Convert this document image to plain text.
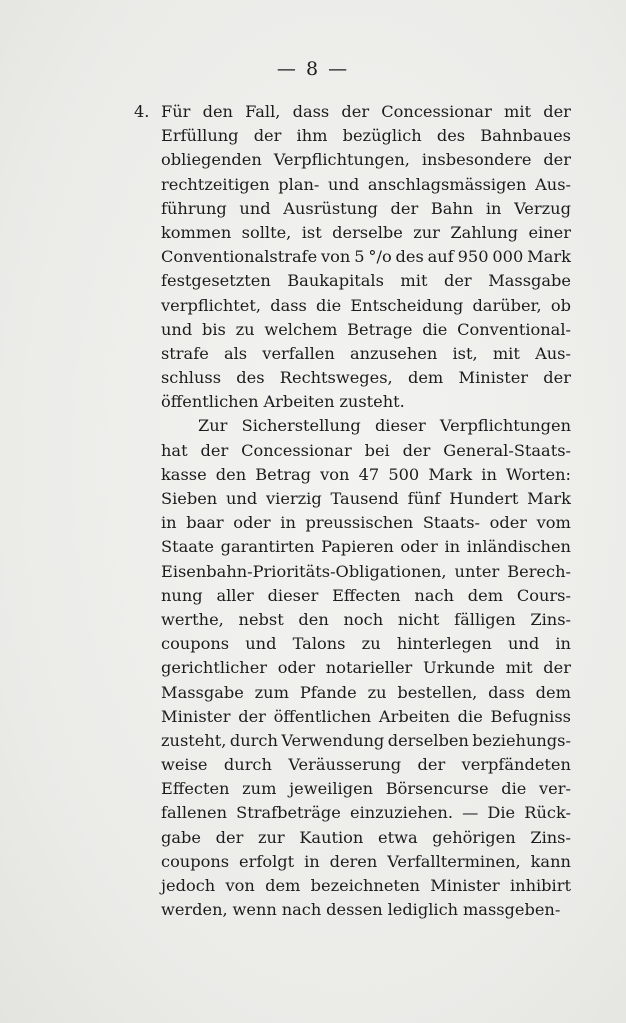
— 8 —
4. Für den Fall, dass der Concessionar mit der
Erfüllung der ihm bezüglich des Bahnbaues
obliegenden Verpflichtungen, insbesondere der
rechtzeitigen plan- und anschlagsmässigen Aus-
führung und Ausrüstung der Bahn in Verzug
kommen sollte, ist derselbe zur Zahlung einer
Conventionalstrafe von 5 °/o des auf 950 000 Mark
festgesetzten Baukapitals mit der Massgabe
verpflichtet, dass die Entscheidung darüber, ob
und bis zu welchem Betrage die Conventional-
strafe als verfallen anzusehen ist, mit Aus-
schluss des Rechtsweges, dem Minister der
öffentlichen Arbeiten zusteht.
Zur Sicherstellung dieser Verpflichtungen
hat der Concessionar bei der General-Staats-
kasse den Betrag von 47 500 Mark in Worten:
Sieben und vierzig Tausend fünf Hundert Mark
in baar oder in preussischen Staats- oder vom
Staate garantirten Papieren oder in inländischen
Eisenbahn-Prioritäts-Obligationen, unter Berech-
nung aller dieser Effecten nach dem Cours-
werthe, nebst den noch nicht fälligen Zins-
coupons und Talons zu hinterlegen und in
gerichtlicher oder notarieller Urkunde mit der
Massgabe zum Pfande zu bestellen, dass dem
Minister der öffentlichen Arbeiten die Befugniss
zusteht, durch Verwendung derselben beziehungs-
weise durch Veräusserung der verpfändeten
Effecten zum jeweiligen Börsencurse die ver-
fallenen Strafbeträge einzuziehen. — Die Rück-
gabe der zur Kaution etwa gehörigen Zins-
coupons erfolgt in deren Verfallterminen, kann
jedoch von dem bezeichneten Minister inhibirt
werden, wenn nach dessen lediglich massgeben-
